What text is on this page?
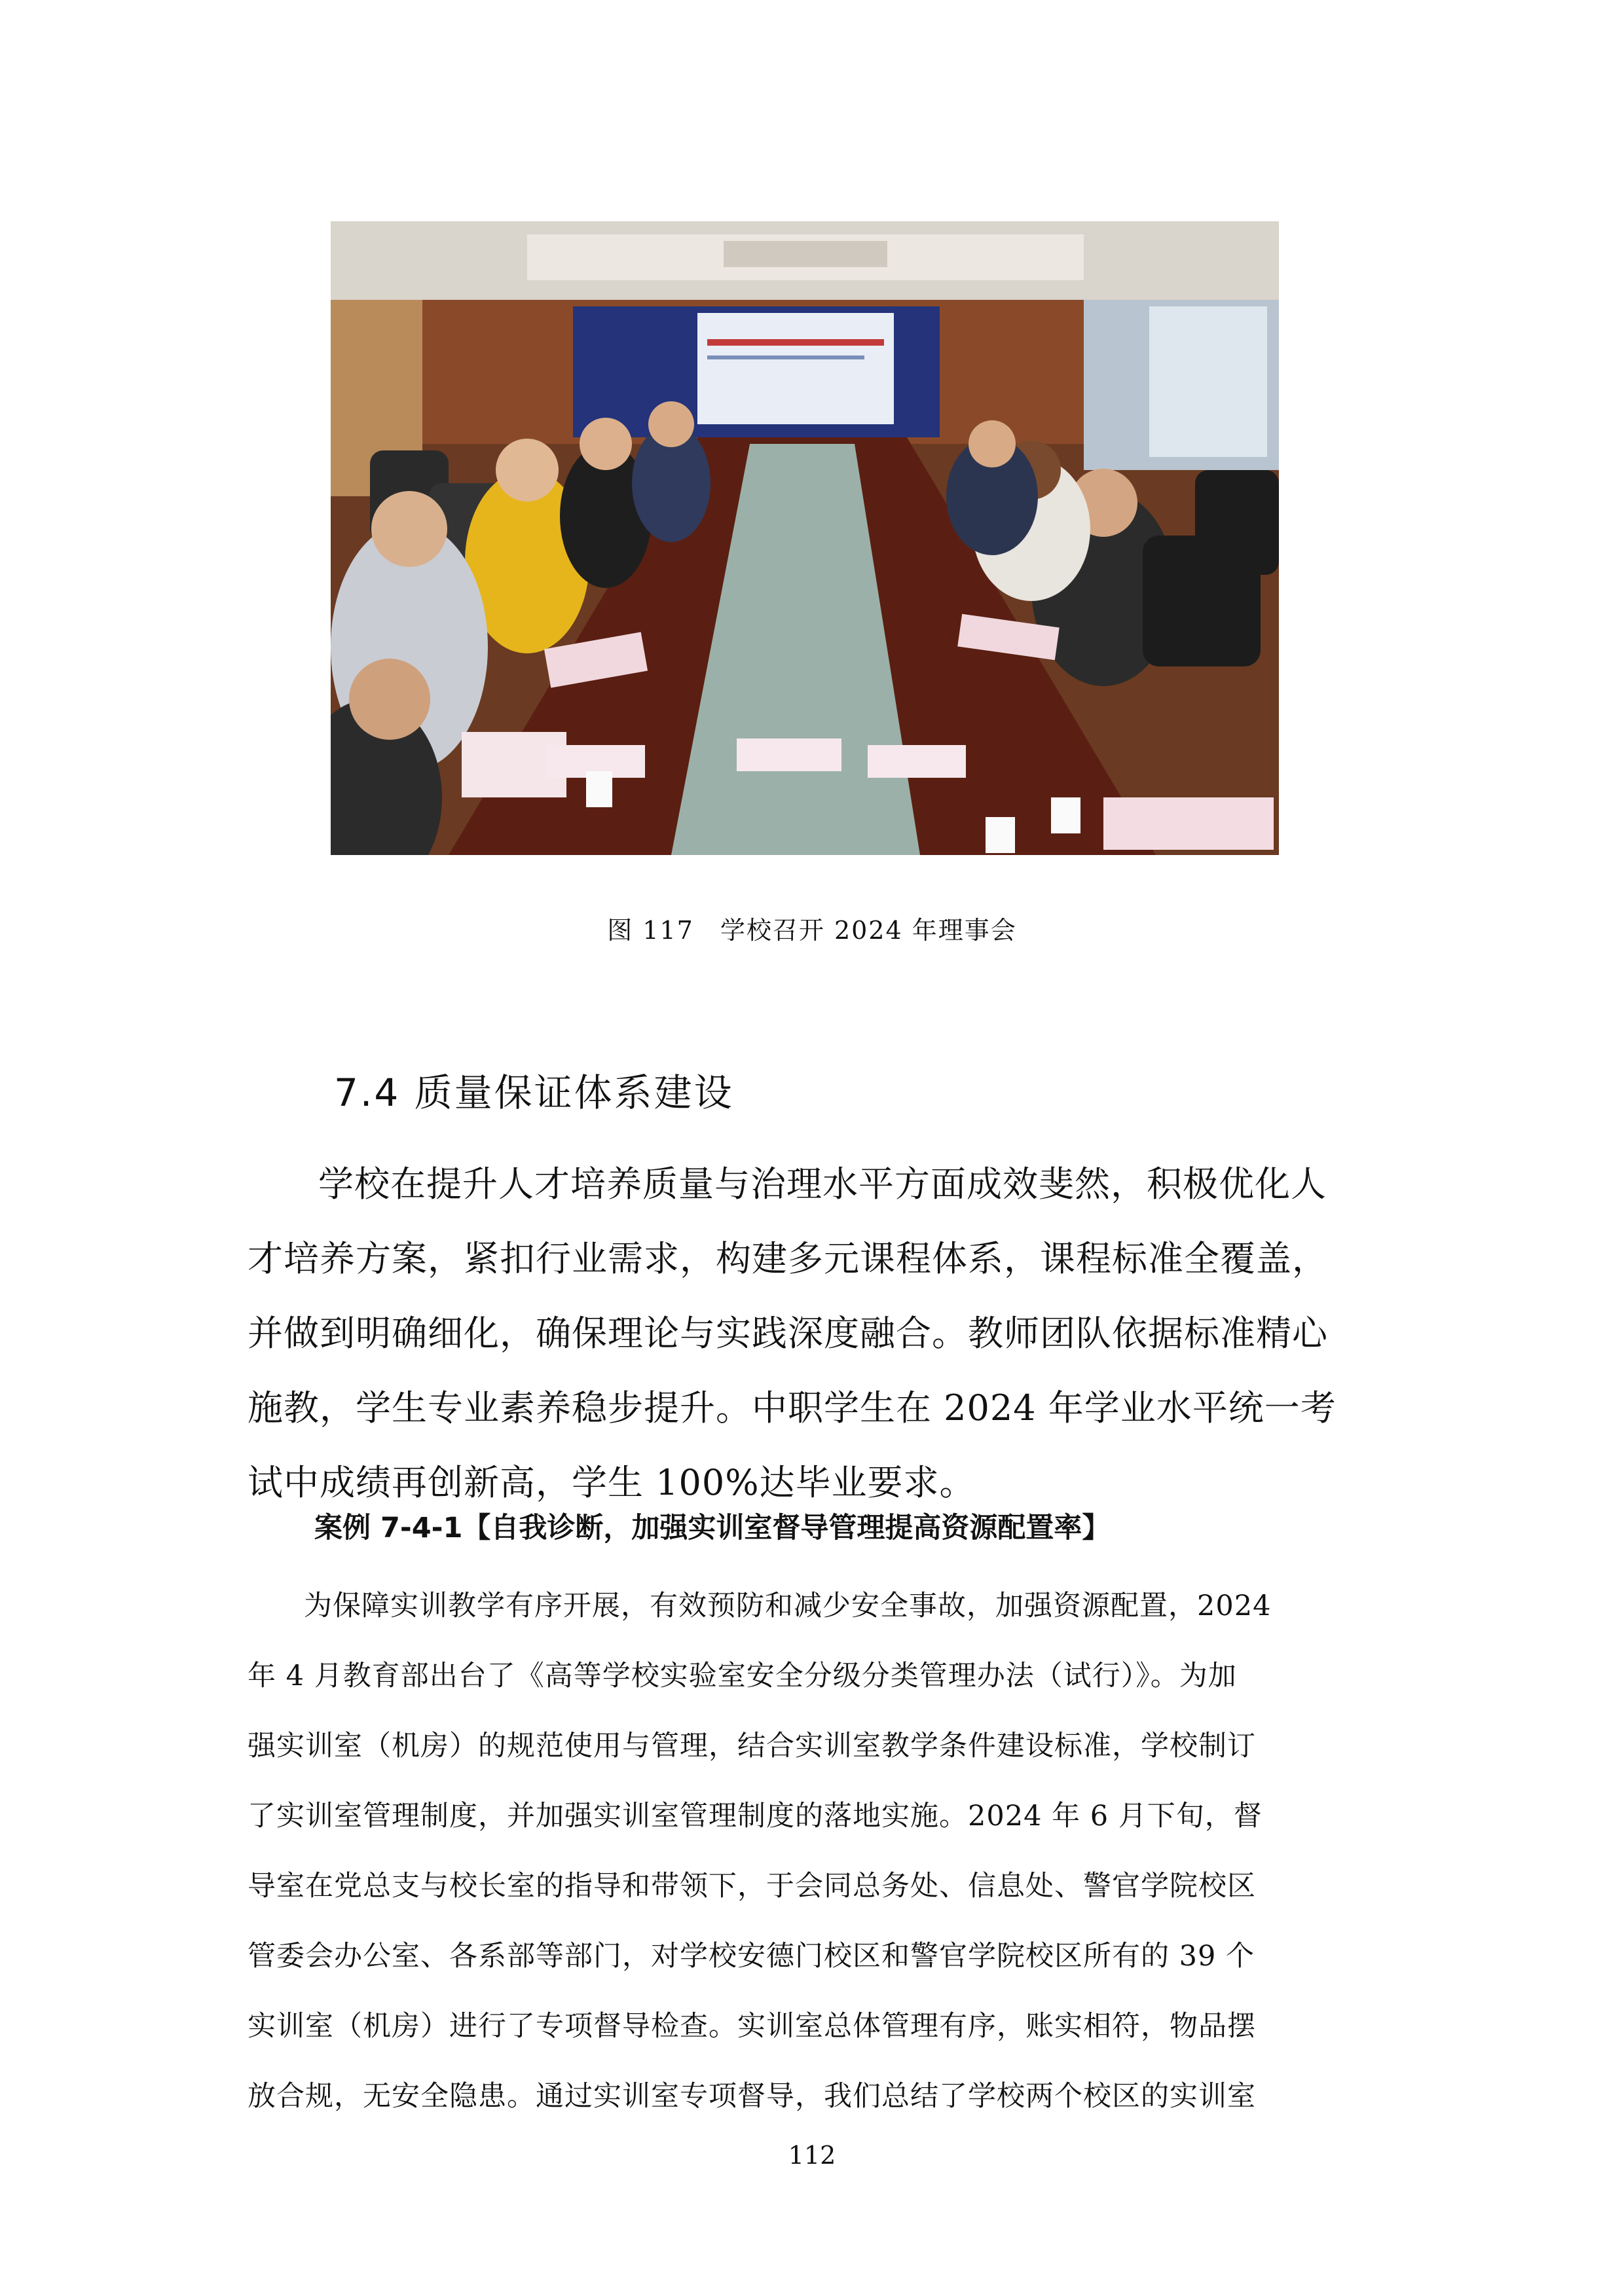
图 117 学校召开 2024 年理事会
7.4 质量保证体系建设
学校在提升人才培养质量与治理水平方面成效斐然，积极优化人
才培养方案，紧扣行业需求，构建多元课程体系，课程标准全覆盖，
并做到明确细化，确保理论与实践深度融合。教师团队依据标准精心
施教，学生专业素养稳步提升。中职学生在 2024 年学业水平统一考
试中成绩再创新高，学生 100%达毕业要求。
案例 7-4-1【自我诊断，加强实训室督导管理提高资源配置率】
为保障实训教学有序开展，有效预防和减少安全事故，加强资源配置，2024
年 4 月教育部出台了《高等学校实验室安全分级分类管理办法（试行）》。为加
强实训室（机房）的规范使用与管理，结合实训室教学条件建设标准，学校制订
了实训室管理制度，并加强实训室管理制度的落地实施。2024 年 6 月下旬，督
导室在党总支与校长室的指导和带领下，于会同总务处、信息处、警官学院校区
管委会办公室、各系部等部门，对学校安德门校区和警官学院校区所有的 39 个
实训室（机房）进行了专项督导检查。实训室总体管理有序，账实相符，物品摆
放合规，无安全隐患。通过实训室专项督导，我们总结了学校两个校区的实训室
112
